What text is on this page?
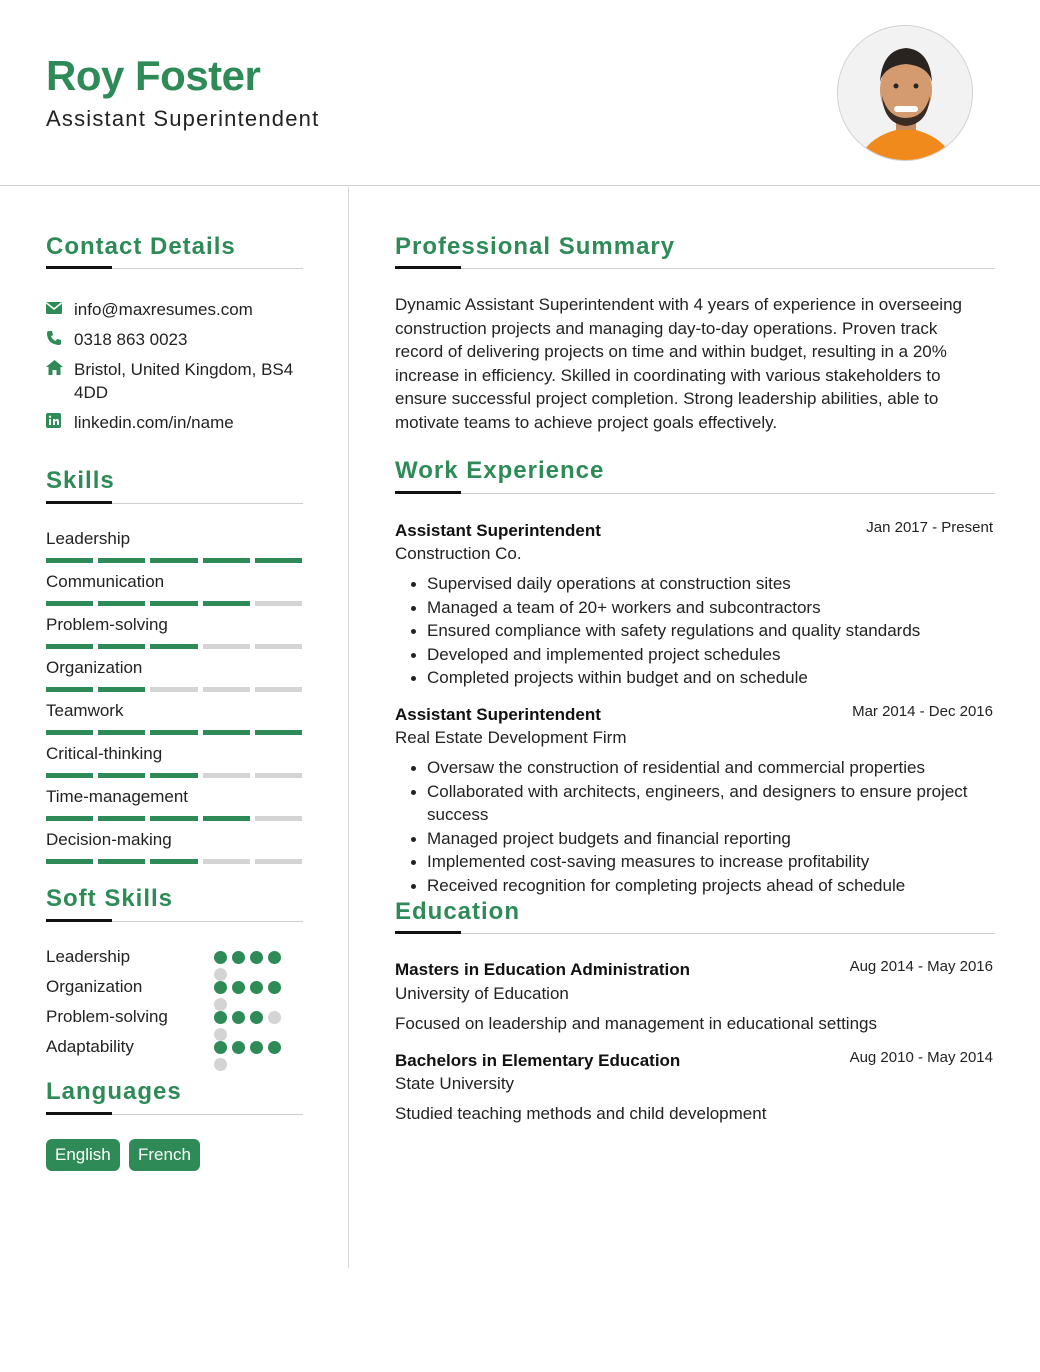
Roy Foster
Assistant Superintendent
Contact Details
info@maxresumes.com
0318 863 0023
Bristol, United Kingdom, BS4 4DD
linkedin.com/in/name
Skills
Leadership
Communication
Problem-solving
Organization
Teamwork
Critical-thinking
Time-management
Decision-making
Soft Skills
Leadership
Organization
Problem-solving
Adaptability
Languages
English	French
Professional Summary
Dynamic Assistant Superintendent with 4 years of experience in overseeing construction projects and managing day-to-day operations. Proven track record of delivering projects on time and within budget, resulting in a 20% increase in efficiency. Skilled in coordinating with various stakeholders to ensure successful project completion. Strong leadership abilities, able to motivate teams to achieve project goals effectively.
Work Experience
Assistant Superintendent	Jan 2017 - Present
Construction Co.
Supervised daily operations at construction sites
Managed a team of 20+ workers and subcontractors
Ensured compliance with safety regulations and quality standards
Developed and implemented project schedules
Completed projects within budget and on schedule
Assistant Superintendent	Mar 2014 - Dec 2016
Real Estate Development Firm
Oversaw the construction of residential and commercial properties
Collaborated with architects, engineers, and designers to ensure project success
Managed project budgets and financial reporting
Implemented cost-saving measures to increase profitability
Received recognition for completing projects ahead of schedule
Education
Masters in Education Administration	Aug 2014 - May 2016
University of Education
Focused on leadership and management in educational settings
Bachelors in Elementary Education	Aug 2010 - May 2014
State University
Studied teaching methods and child development
